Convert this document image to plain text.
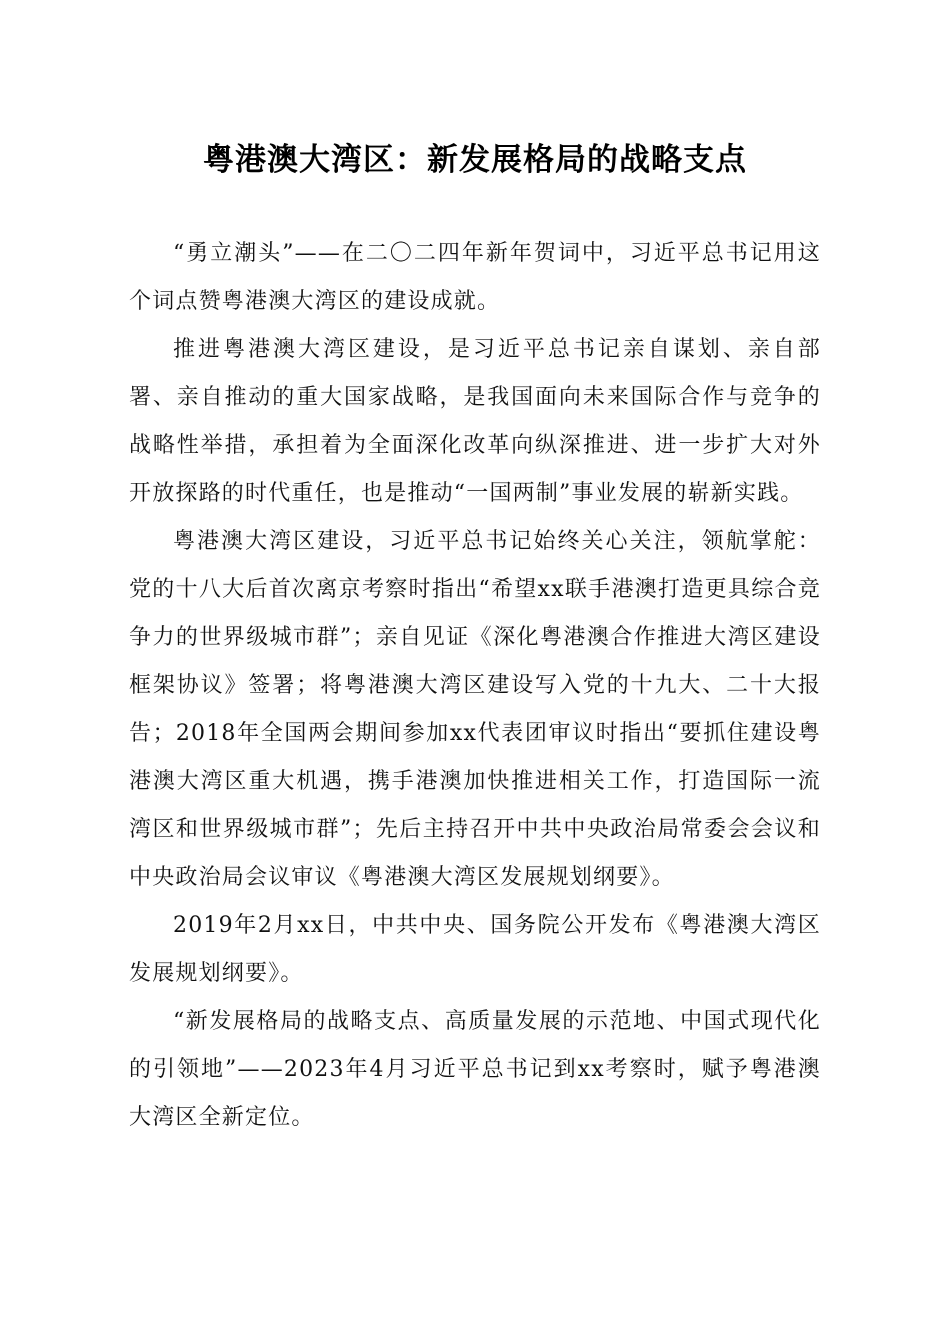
粤港澳大湾区：新发展格局的战略支点

“勇立潮头”——在二〇二四年新年贺词中，习近平总书记用这个词点赞粤港澳大湾区的建设成就。

推进粤港澳大湾区建设，是习近平总书记亲自谋划、亲自部署、亲自推动的重大国家战略，是我国面向未来国际合作与竞争的战略性举措，承担着为全面深化改革向纵深推进、进一步扩大对外开放探路的时代重任，也是推动“一国两制”事业发展的崭新实践。

粤港澳大湾区建设，习近平总书记始终关心关注，领航掌舵：党的十八大后首次离京考察时指出“希望xx联手港澳打造更具综合竞争力的世界级城市群”；亲自见证《深化粤港澳合作推进大湾区建设框架协议》签署；将粤港澳大湾区建设写入党的十九大、二十大报告；2018年全国两会期间参加xx代表团审议时指出“要抓住建设粤港澳大湾区重大机遇，携手港澳加快推进相关工作，打造国际一流湾区和世界级城市群”；先后主持召开中共中央政治局常委会会议和中央政治局会议审议《粤港澳大湾区发展规划纲要》。

2019年2月xx日，中共中央、国务院公开发布《粤港澳大湾区发展规划纲要》。

“新发展格局的战略支点、高质量发展的示范地、中国式现代化的引领地”——2023年4月习近平总书记到xx考察时，赋予粤港澳大湾区全新定位。
